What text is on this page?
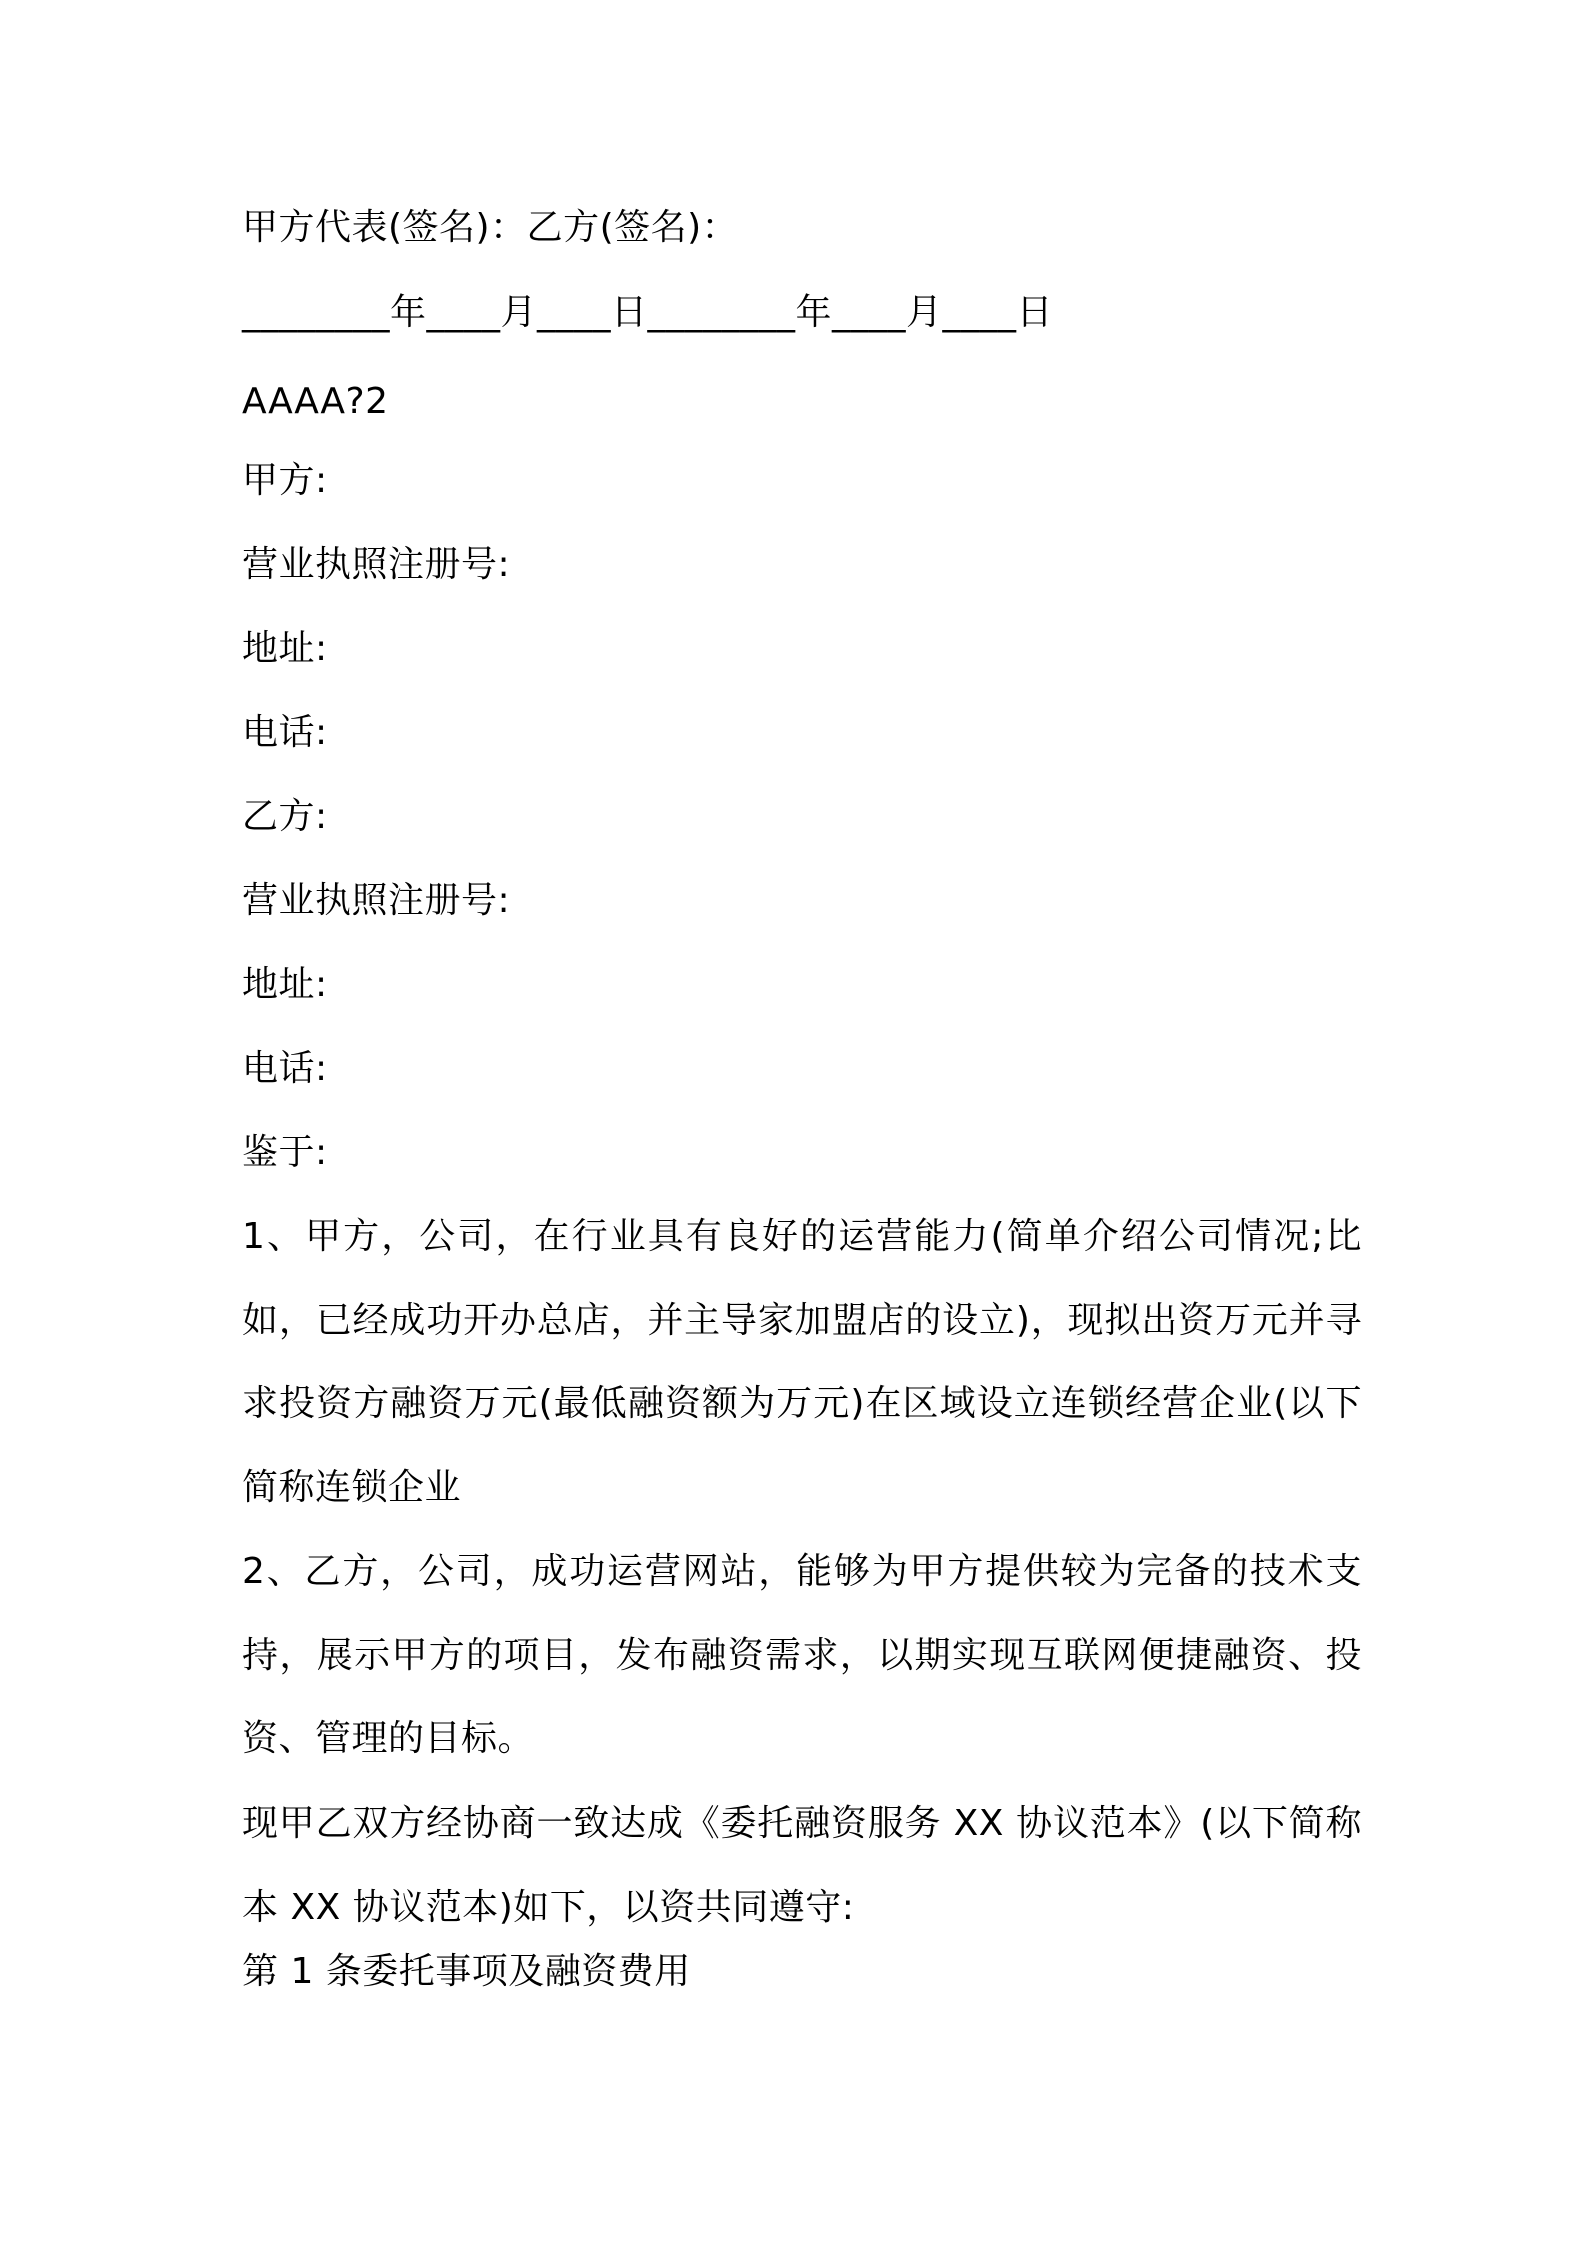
甲方代表(签名)：乙方(签名)：
________年____月____日________年____月____日
AAAA?2
甲方:
营业执照注册号:
地址:
电话:
乙方:
营业执照注册号:
地址:
电话:
鉴于:
1、甲方，公司，在行业具有良好的运营能力(简单介绍公司情况;比如，已经成功开办总店，并主导家加盟店的设立)，现拟出资万元并寻求投资方融资万元(最低融资额为万元)在区域设立连锁经营企业(以下简称连锁企业
2、乙方，公司，成功运营网站，能够为甲方提供较为完备的技术支持，展示甲方的项目，发布融资需求，以期实现互联网便捷融资、投资、管理的目标。
现甲乙双方经协商一致达成《委托融资服务 XX 协议范本》(以下简称本 XX 协议范本)如下，以资共同遵守:
第 1 条委托事项及融资费用
